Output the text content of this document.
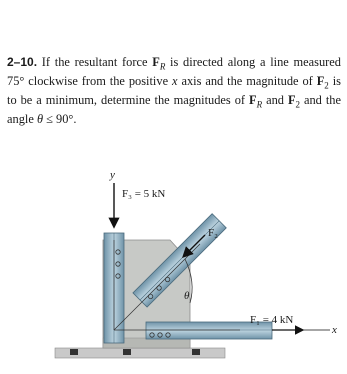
2–10. If the resultant force $F_R$ is directed along a line measured 75° clockwise from the positive x axis and the magnitude of $F_2$ is to be a minimum, determine the magnitudes of $F_R$ and $F_2$ and the angle θ ≤ 90°.
θ
y
F₃ = 5 kN
F₂
F₁ = 4 kN
x
